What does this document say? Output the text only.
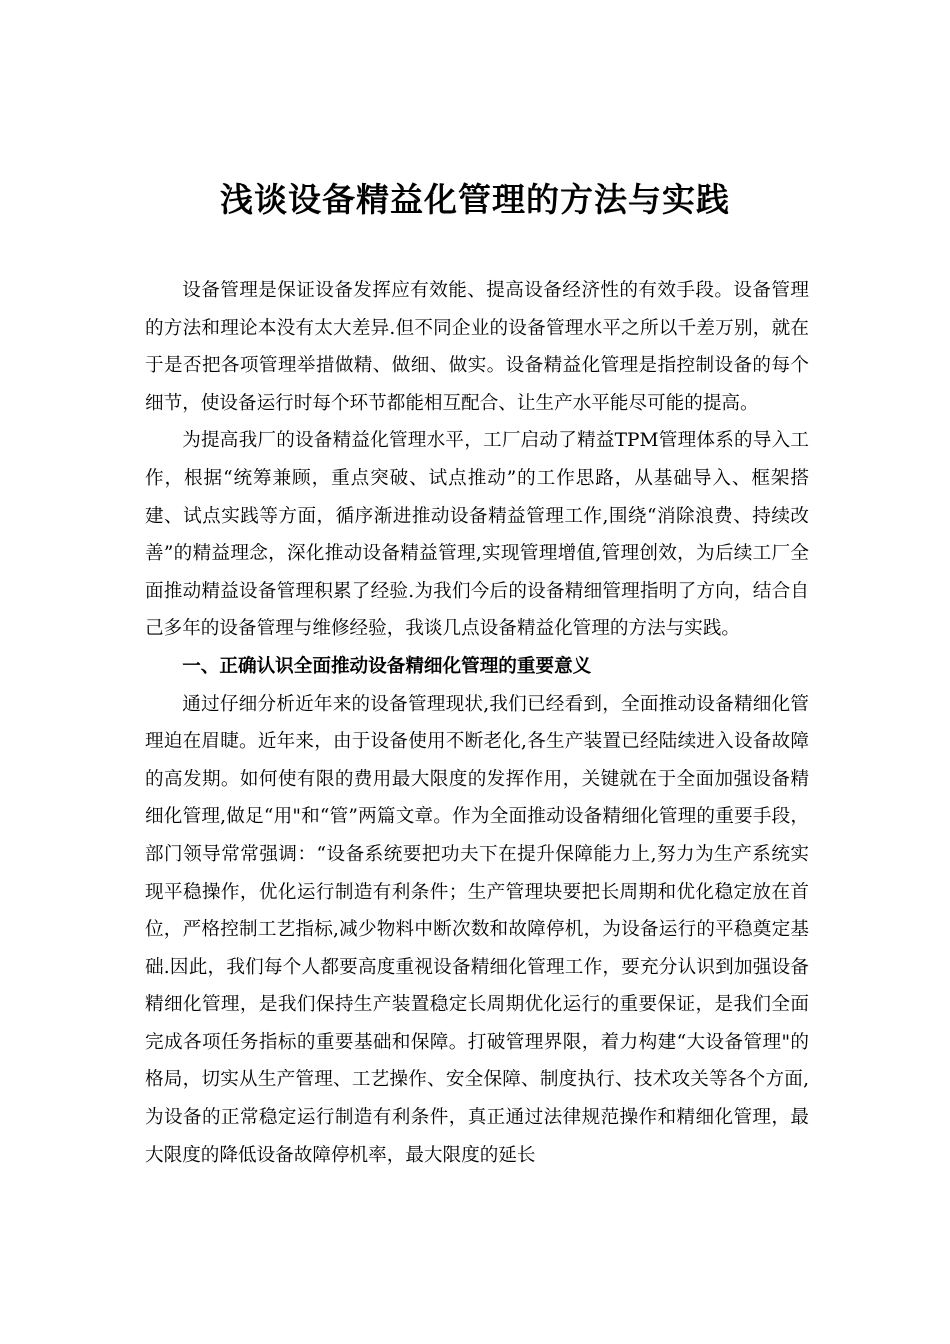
浅谈设备精益化管理的方法与实践

设备管理是保证设备发挥应有效能、提高设备经济性的有效手段。设备管理的方法和理论本没有太大差异.但不同企业的设备管理水平之所以千差万别，就在于是否把各项管理举措做精、做细、做实。设备精益化管理是指控制设备的每个细节，使设备运行时每个环节都能相互配合、让生产水平能尽可能的提高。

为提高我厂的设备精益化管理水平，工厂启动了精益TPM管理体系的导入工作，根据“统筹兼顾，重点突破、试点推动”的工作思路，从基础导入、框架搭建、试点实践等方面，循序渐进推动设备精益管理工作,围绕“消除浪费、持续改善”的精益理念，深化推动设备精益管理,实现管理增值,管理创效，为后续工厂全面推动精益设备管理积累了经验.为我们今后的设备精细管理指明了方向，结合自己多年的设备管理与维修经验，我谈几点设备精益化管理的方法与实践。

一、正确认识全面推动设备精细化管理的重要意义

通过仔细分析近年来的设备管理现状,我们已经看到，全面推动设备精细化管理迫在眉睫。近年来，由于设备使用不断老化,各生产装置已经陆续进入设备故障的高发期。如何使有限的费用最大限度的发挥作用，关键就在于全面加强设备精细化管理,做足“用"和“管”两篇文章。作为全面推动设备精细化管理的重要手段，部门领导常常强调：“设备系统要把功夫下在提升保障能力上,努力为生产系统实现平稳操作，优化运行制造有利条件；生产管理块要把长周期和优化稳定放在首位，严格控制工艺指标,减少物料中断次数和故障停机，为设备运行的平稳奠定基础.因此，我们每个人都要高度重视设备精细化管理工作，要充分认识到加强设备精细化管理，是我们保持生产装置稳定长周期优化运行的重要保证，是我们全面完成各项任务指标的重要基础和保障。打破管理界限，着力构建“大设备管理"的格局，切实从生产管理、工艺操作、安全保障、制度执行、技术攻关等各个方面,为设备的正常稳定运行制造有利条件，真正通过法律规范操作和精细化管理，最大限度的降低设备故障停机率，最大限度的延长
